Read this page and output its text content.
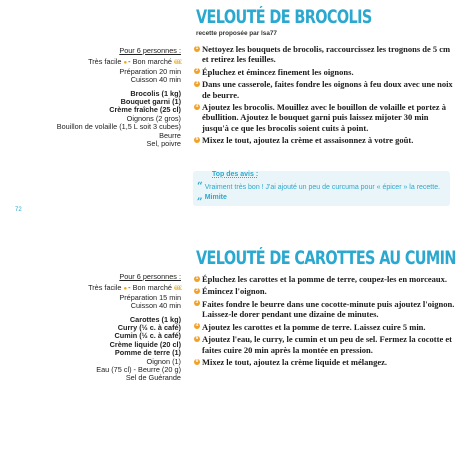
VELOUTÉ DE BROCOLIS
recette proposée par lsa77
Pour 6 personnes :
Très facile ● - Bon marché €€€
Préparation 20 min
Cuisson 40 min
Brocolis (1 kg)
Bouquet garni (1)
Crème fraîche (25 cl)
Oignons (2 gros)
Bouillon de volaille (1,5 L soit 3 cubes)
Beurre
Sel, poivre
1 Nettoyez les bouquets de brocolis, raccourcissez les trognons de 5 cm et retirez les feuilles.
2 Épluchez et émincez finement les oignons.
3 Dans une casserole, faites fondre les oignons à feu doux avec une noix de beurre.
4 Ajoutez les brocolis. Mouillez avec le bouillon de volaille et portez à ébullition. Ajoutez le bouquet garni puis laissez mijoter 30 min jusqu'à ce que les brocolis soient cuits à point.
5 Mixez le tout, ajoutez la crème et assaisonnez à votre goût.
Top des avis :
“ Vraiment très bon ! J'ai ajouté un peu de curcuma pour « épicer » la recette. „ Mimite
72
VELOUTÉ DE CAROTTES AU CUMIN
Pour 6 personnes :
Très facile ● - Bon marché €€€
Préparation 15 min
Cuisson 40 min
Carottes (1 kg)
Curry (½ c. à café)
Cumin (½ c. à café)
Crème liquide (20 cl)
Pomme de terre (1)
Oignon (1)
Eau (75 cl) - Beurre (20 g)
Sel de Guérande
1 Épluchez les carottes et la pomme de terre, coupez-les en morceaux.
2 Émincez l'oignon.
3 Faites fondre le beurre dans une cocotte-minute puis ajoutez l'oignon. Laissez-le dorer pendant une dizaine de minutes.
4 Ajoutez les carottes et la pomme de terre. Laissez cuire 5 min.
5 Ajoutez l'eau, le curry, le cumin et un peu de sel. Fermez la cocotte et faites cuire 20 min après la montée en pression.
6 Mixez le tout, ajoutez la crème liquide et mélangez.
